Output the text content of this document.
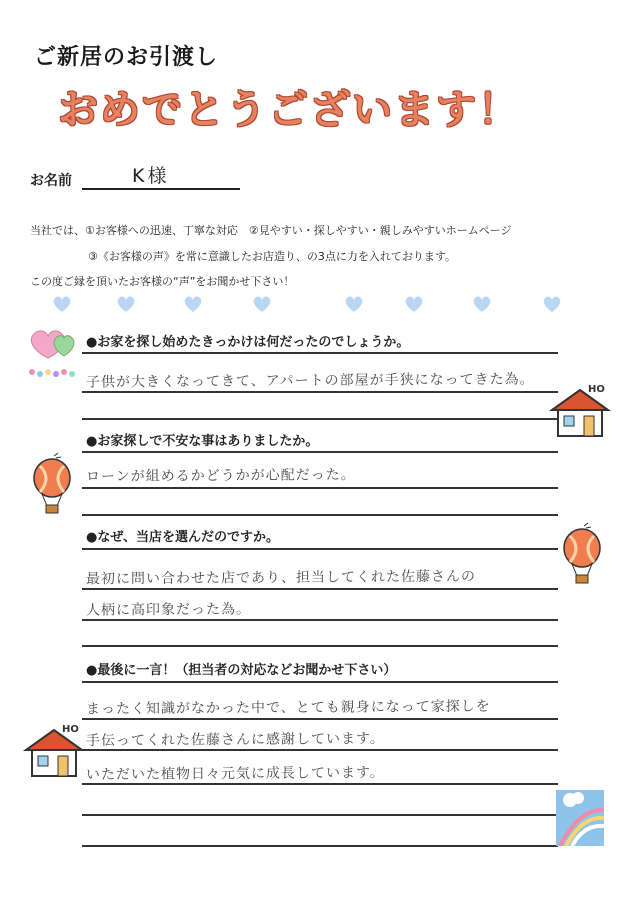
ご新居のお引渡し
おめでとうございます！
お名前	K様
当社では、①お客様への迅速、丁寧な対応　②見やすい・探しやすい・親しみやすいホームページ
③《お客様の声》を常に意識したお店造り、の3点に力を入れております。
この度ご縁を頂いたお客様の“声”をお聞かせ下さい！
●お家を探し始めたきっかけは何だったのでしょうか。
子供が大きくなってきて、アパートの部屋が手狭になってきた為。	HO
●お家探しで不安な事はありましたか。
ローンが組めるかどうかが心配だった。
●なぜ、当店を選んだのですか。
最初に問い合わせた店であり、担当してくれた佐藤さんの
人柄に高印象だった為。
●最後に一言！（担当者の対応などお聞かせ下さい）
まったく知識がなかった中で、とても親身になって家探しを
手伝ってくれた佐藤さんに感謝しています。
いただいた植物日々元気に成長しています。
HO
